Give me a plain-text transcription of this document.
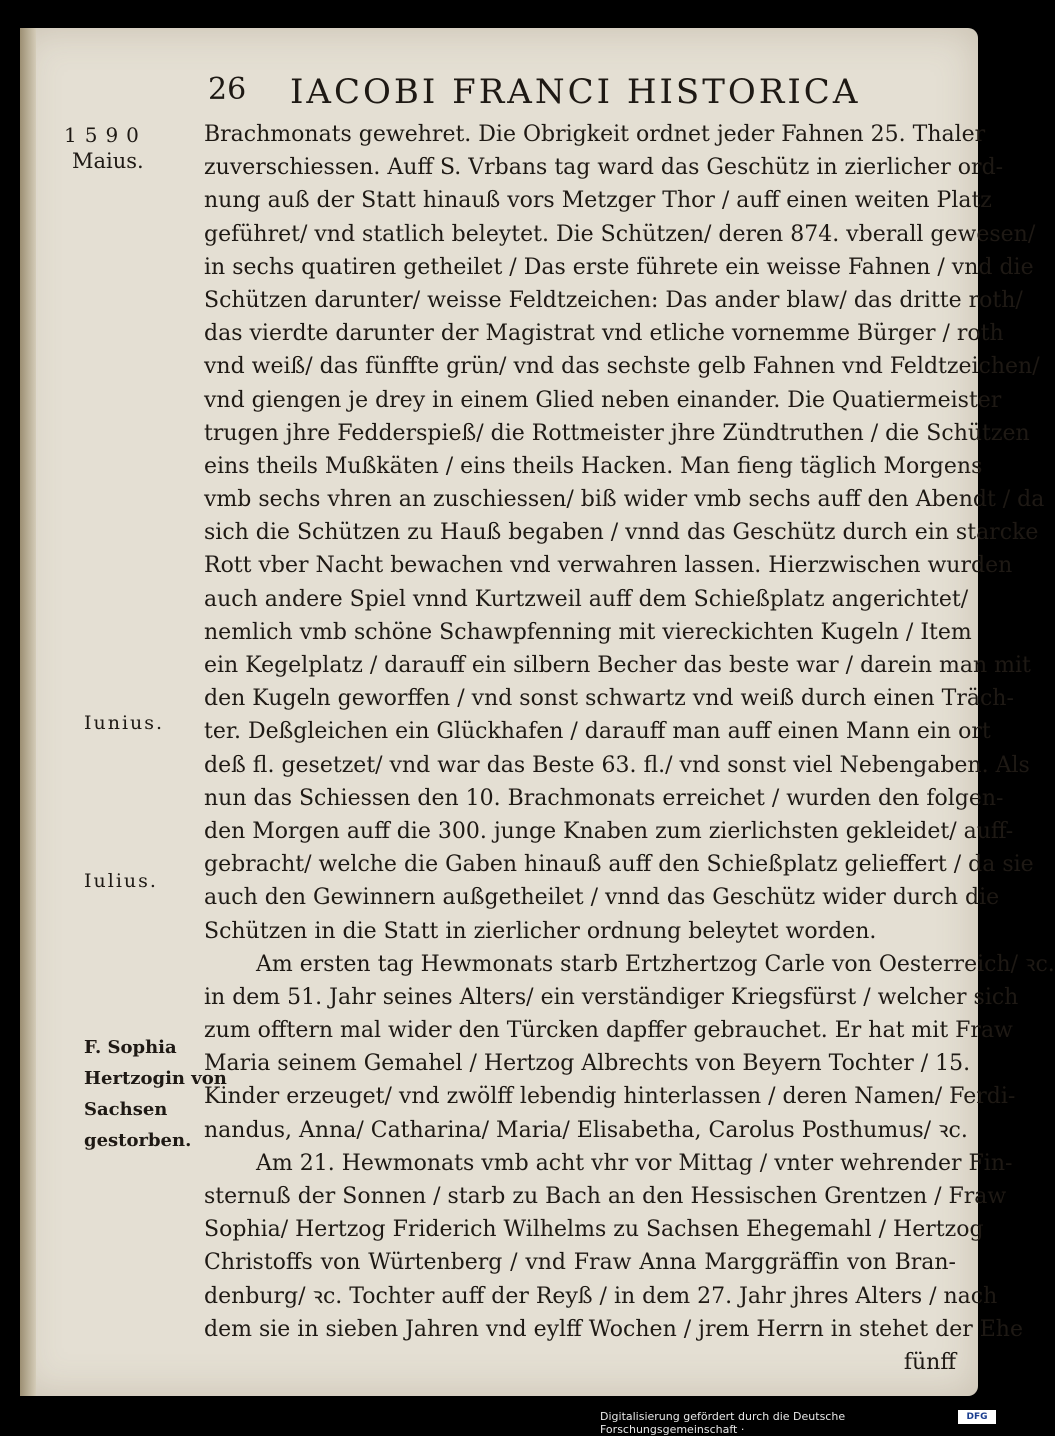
26 IACOBI FRANCI HISTORICA
1590
Maius.
Iunius.
Iulius.
F. Sophia Hertzogin von Sachsen gestorben.
Brachmonats gewehret. Die Obrigkeit ordnet jeder Fahnen 25. Thaler
zuverschiessen. Auff S. Vrbans tag ward das Geschütz in zierlicher ord-
nung auß der Statt hinauß vors Metzger Thor / auff einen weiten Platz
geführet/ vnd statlich beleytet. Die Schützen/ deren 874. vberall gewesen/
in sechs quatiren getheilet / Das erste führete ein weisse Fahnen / vnd die
Schützen darunter/ weisse Feldtzeichen: Das ander blaw/ das dritte roth/
das vierdte darunter der Magistrat vnd etliche vornemme Bürger / roth
vnd weiß/ das fünffte grün/ vnd das sechste gelb Fahnen vnd Feldtzeichen/
vnd giengen je drey in einem Glied neben einander. Die Quatiermeister
trugen jhre Fedderspieß/ die Rottmeister jhre Zündtruthen / die Schützen
eins theils Mußkäten / eins theils Hacken. Man fieng täglich Morgens
vmb sechs vhren an zuschiessen/ biß wider vmb sechs auff den Abendt / da
sich die Schützen zu Hauß begaben / vnnd das Geschütz durch ein starcke
Rott vber Nacht bewachen vnd verwahren lassen. Hierzwischen wurden
auch andere Spiel vnnd Kurtzweil auff dem Schießplatz angerichtet/
nemlich vmb schöne Schawpfenning mit viereckichten Kugeln / Item
ein Kegelplatz / darauff ein silbern Becher das beste war / darein man mit
den Kugeln geworffen / vnd sonst schwartz vnd weiß durch einen Träch-
ter. Deßgleichen ein Glückhafen / darauff man auff einen Mann ein ort
deß fl. gesetzet/ vnd war das Beste 63. fl./ vnd sonst viel Nebengaben. Als
nun das Schiessen den 10. Brachmonats erreichet / wurden den folgen-
den Morgen auff die 300. junge Knaben zum zierlichsten gekleidet/ auff-
gebracht/ welche die Gaben hinauß auff den Schießplatz gelieffert / da sie
auch den Gewinnern außgetheilet / vnnd das Geschütz wider durch die
Schützen in die Statt in zierlicher ordnung beleytet worden.
Am ersten tag Hewmonats starb Ertzhertzog Carle von Oesterreich/ ꝛc.
in dem 51. Jahr seines Alters/ ein verständiger Kriegsfürst / welcher sich
zum offtern mal wider den Türcken dapffer gebrauchet. Er hat mit Fraw
Maria seinem Gemahel / Hertzog Albrechts von Beyern Tochter / 15.
Kinder erzeuget/ vnd zwölff lebendig hinterlassen / deren Namen/ Ferdi-
nandus, Anna/ Catharina/ Maria/ Elisabetha, Carolus Posthumus/ ꝛc.
Am 21. Hewmonats vmb acht vhr vor Mittag / vnter wehrender Fin-
sternuß der Sonnen / starb zu Bach an den Hessischen Grentzen / Fraw
Sophia/ Hertzog Friderich Wilhelms zu Sachsen Ehegemahl / Hertzog
Christoffs von Würtenberg / vnd Fraw Anna Marggräffin von Bran-
denburg/ ꝛc. Tochter auff der Reyß / in dem 27. Jahr jhres Alters / nach
dem sie in sieben Jahren vnd eylff Wochen / jrem Herrn in stehet der Ehe
fünff
Digitalisierung gefördert durch die Deutsche Forschungsgemeinschaft ·
DFG
